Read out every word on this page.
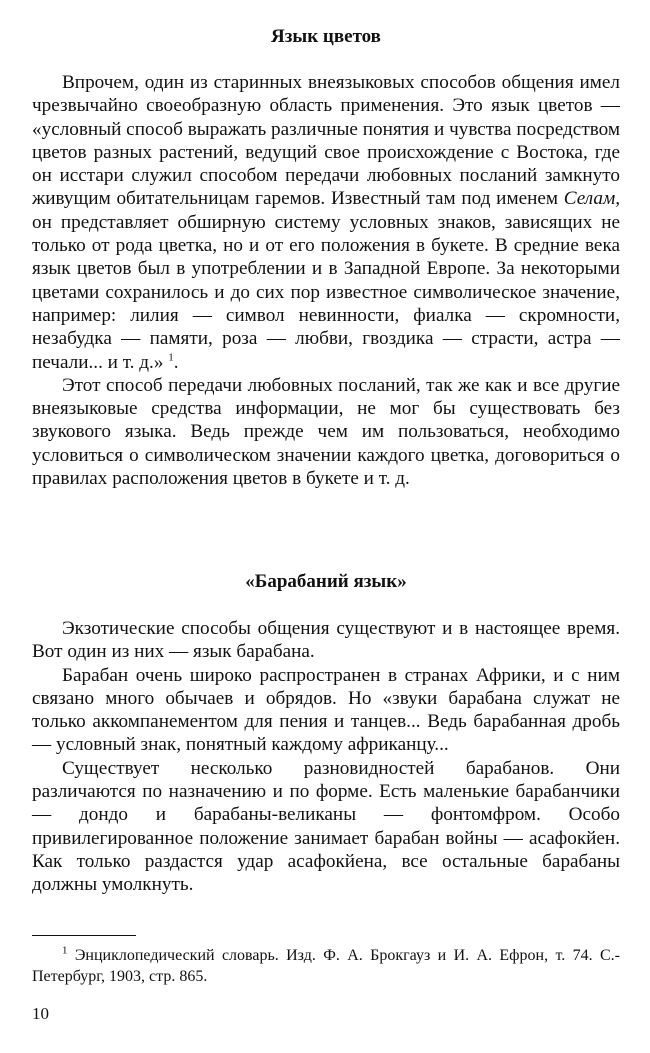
Язык цветов

Впрочем, один из старинных внеязыковых способов общения имел чрезвычайно своеобразную область применения. Это язык цветов — «условный способ выражать различные понятия и чувства посредством цветов разных растений, ведущий свое происхождение с Востока, где он исстари служил способом передачи любовных посланий замкнуто живущим обитательницам гаремов. Известный там под именем Селам, он представляет обширную систему условных знаков, зависящих не только от рода цветка, но и от его положения в букете. В средние века язык цветов был в употреблении и в Западной Европе. За некоторыми цветами сохранилось и до сих пор известное символическое значение, например: лилия — символ невинности, фиалка — скромности, незабудка — памяти, роза — любви, гвоздика — страсти, астра — печали... и т. д.» $^1$.

Этот способ передачи любовных посланий, так же как и все другие внеязыковые средства информации, не мог бы существовать без звукового языка. Ведь прежде чем им пользоваться, необходимо условиться о символическом значении каждого цветка, договориться о правилах расположения цветов в букете и т. д.

«Барабаний язык»

Экзотические способы общения существуют и в настоящее время. Вот один из них — язык барабана.

Барабан очень широко распространен в странах Африки, и с ним связано много обычаев и обрядов. Но «звуки барабана служат не только аккомпанементом для пения и танцев... Ведь барабанная дробь — условный знак, понятный каждому африканцу...

Существует несколько разновидностей барабанов. Они различаются по назначению и по форме. Есть маленькие барабанчики — дондо и барабаны-великаны — фонтомфром. Особо привилегированное положение занимает барабан войны — асафокйен. Как только раздастся удар асафокйена, все остальные барабаны должны умолкнуть.

$^1$ Энциклопедический словарь. Изд. Ф. А. Брокгауз и И. А. Ефрон, т. 74. С.-Петербург, 1903, стр. 865.

10
